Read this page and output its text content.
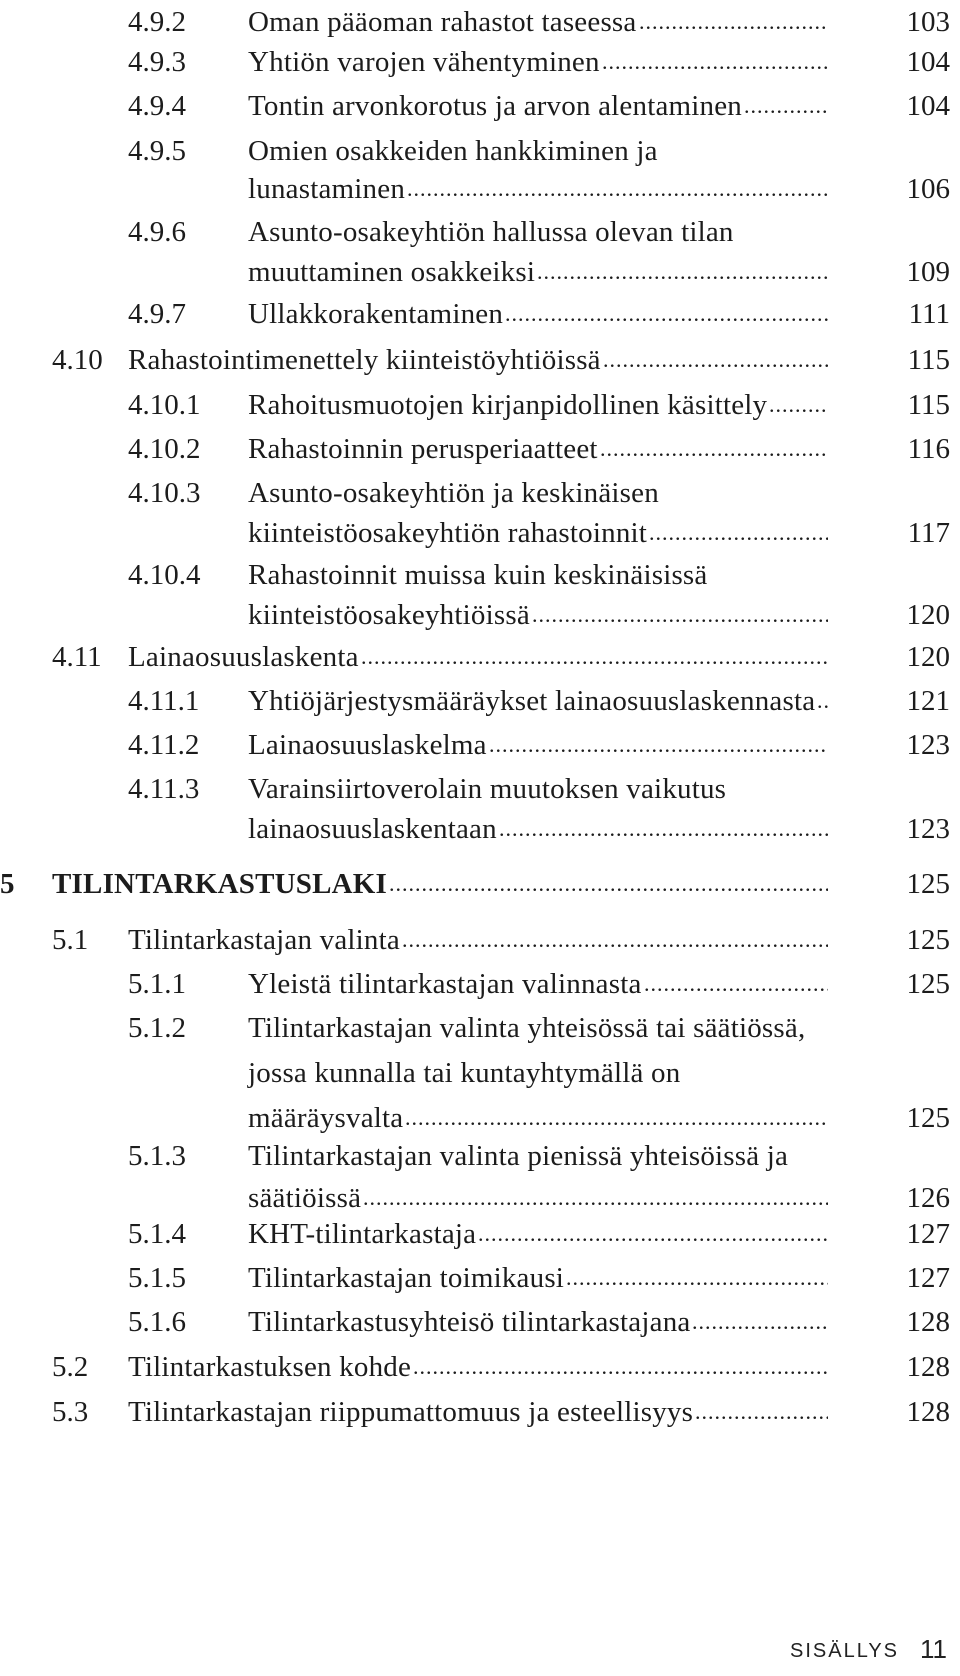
4.9.2 Oman pääoman rahastot taseessa .....	103
4.9.3 Yhtiön varojen vähentyminen .....	104
4.9.4 Tontin arvonkorotus ja arvon alentaminen .....	104
4.9.5 Omien osakkeiden hankkiminen ja
lunastaminen .....	106
4.9.6 Asunto-osakeyhtiön hallussa olevan tilan
muuttaminen osakkeiksi .....	109
4.9.7 Ullakkorakentaminen .....	111
4.10 Rahastointimenettely kiinteistöyhtiöissä .....	115
4.10.1 Rahoitusmuotojen kirjanpidollinen käsittely .....	115
4.10.2 Rahastoinnin perusperiaatteet .....	116
4.10.3 Asunto-osakeyhtiön ja keskinäisen
kiinteistöosakeyhtiön rahastoinnit .....	117
4.10.4 Rahastoinnit muissa kuin keskinäisissä
kiinteistöosakeyhtiöissä .....	120
4.11 Lainaosuuslaskenta .....	120
4.11.1 Yhtiöjärjestysmääräykset lainaosuuslaskennasta .....	121
4.11.2 Lainaosuuslaskelma .....	123
4.11.3 Varainsiirtoverolain muutoksen vaikutus
lainaosuuslaskentaan .....	123
5 TILINTARKASTUSLAKI .....	125
5.1 Tilintarkastajan valinta .....	125
5.1.1 Yleistä tilintarkastajan valinnasta .....	125
5.1.2 Tilintarkastajan valinta yhteisössä tai säätiössä,
jossa kunnalla tai kuntayhtymällä on
määräysvalta .....	125
5.1.3 Tilintarkastajan valinta pienissä yhteisöissä ja
säätiöissä .....	126
5.1.4 KHT-tilintarkastaja .....	127
5.1.5 Tilintarkastajan toimikausi .....	127
5.1.6 Tilintarkastusyhteisö tilintarkastajana .....	128
5.2 Tilintarkastuksen kohde .....	128
5.3 Tilintarkastajan riippumattomuus ja esteellisyys .....	128
SISÄLLYS 11
